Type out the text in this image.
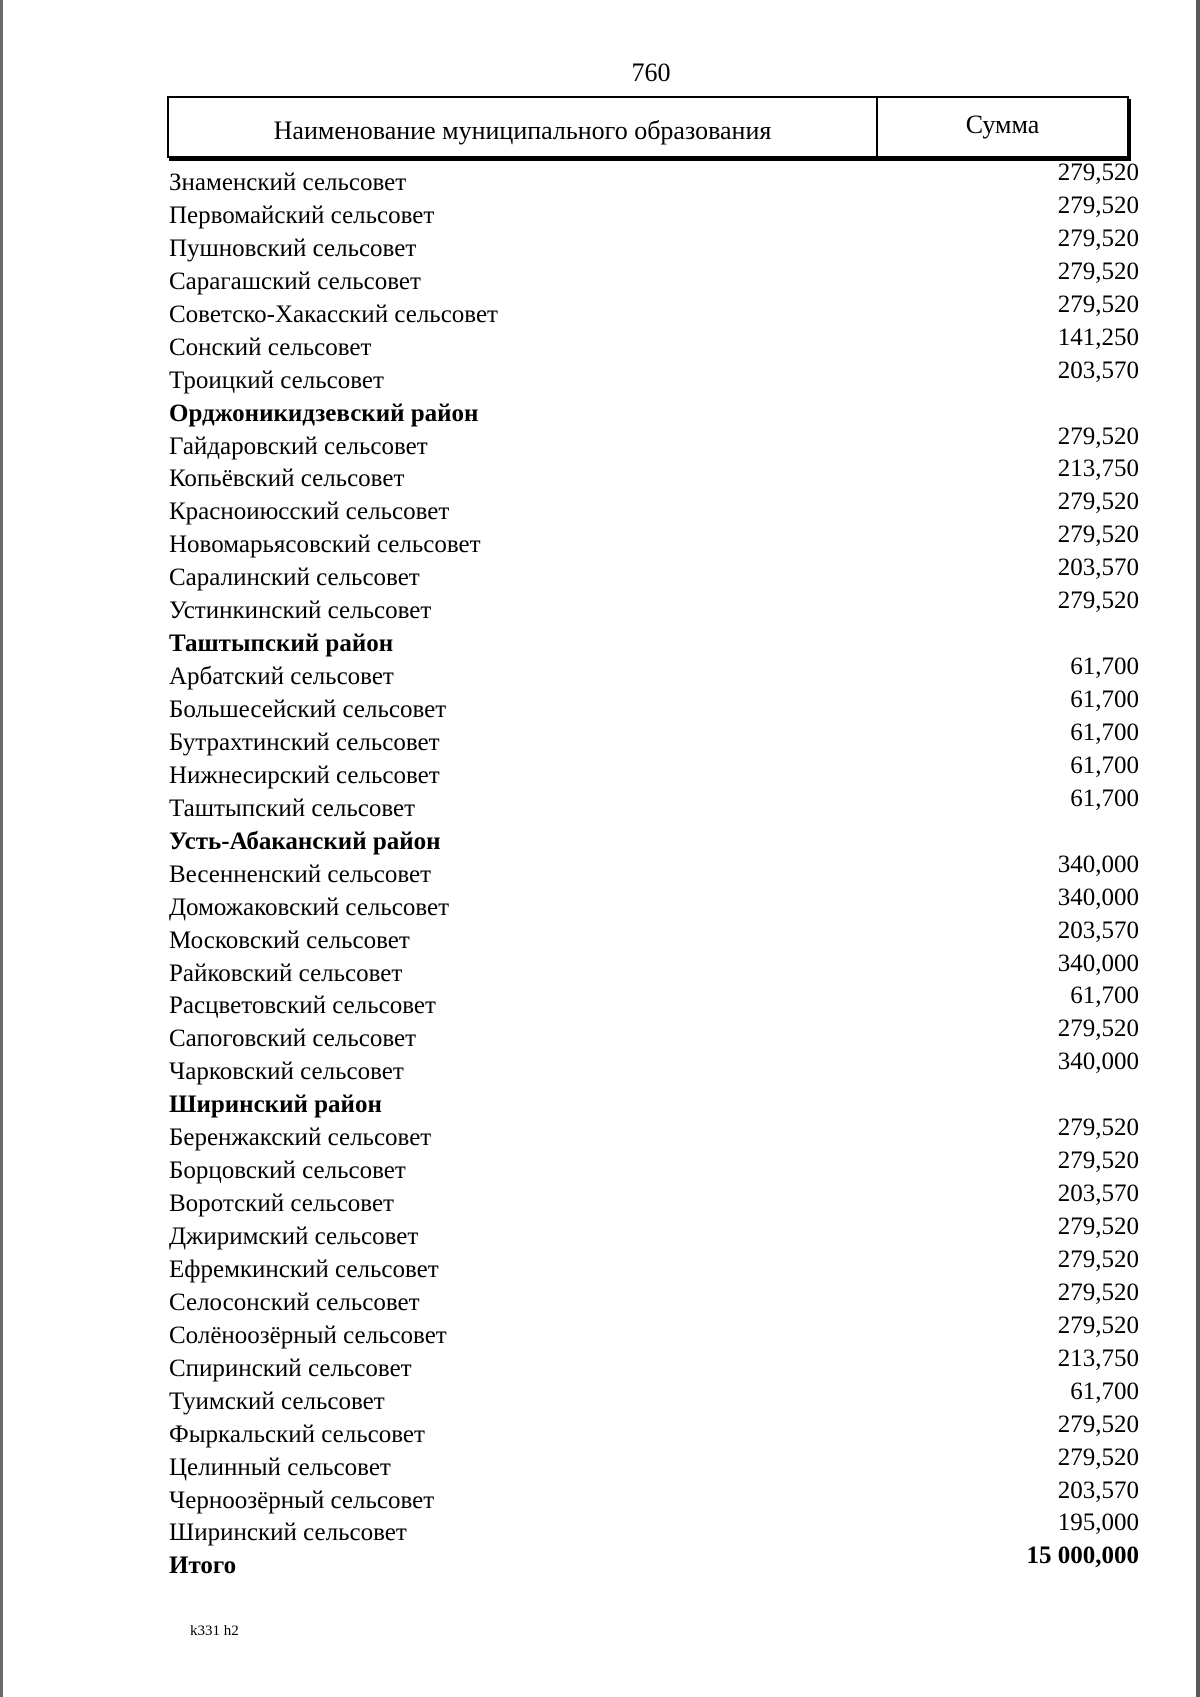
760
Наименование муниципального образования	Сумма
Знаменский сельсовет	279,520
Первомайский сельсовет	279,520
Пушновский сельсовет	279,520
Сарагашский сельсовет	279,520
Советско-Хакасский сельсовет	279,520
Сонский сельсовет	141,250
Троицкий сельсовет	203,570
Орджоникидзевский район
Гайдаровский сельсовет	279,520
Копьёвский сельсовет	213,750
Красноиюсский сельсовет	279,520
Новомарьясовский сельсовет	279,520
Саралинский сельсовет	203,570
Устинкинский сельсовет	279,520
Таштыпский район
Арбатский сельсовет	61,700
Большесейский сельсовет	61,700
Бутрахтинский сельсовет	61,700
Нижнесирский сельсовет	61,700
Таштыпский сельсовет	61,700
Усть-Абаканский район
Весенненский сельсовет	340,000
Доможаковский сельсовет	340,000
Московский сельсовет	203,570
Райковский сельсовет	340,000
Расцветовский сельсовет	61,700
Сапоговский сельсовет	279,520
Чарковский сельсовет	340,000
Ширинский район
Беренжакский сельсовет	279,520
Борцовский сельсовет	279,520
Воротский сельсовет	203,570
Джиримский сельсовет	279,520
Ефремкинский сельсовет	279,520
Селосонский сельсовет	279,520
Солёноозёрный сельсовет	279,520
Спиринский сельсовет	213,750
Туимский сельсовет	61,700
Фыркальский сельсовет	279,520
Целинный сельсовет	279,520
Черноозёрный сельсовет	203,570
Ширинский сельсовет	195,000
Итого	15 000,000
k331 h2
